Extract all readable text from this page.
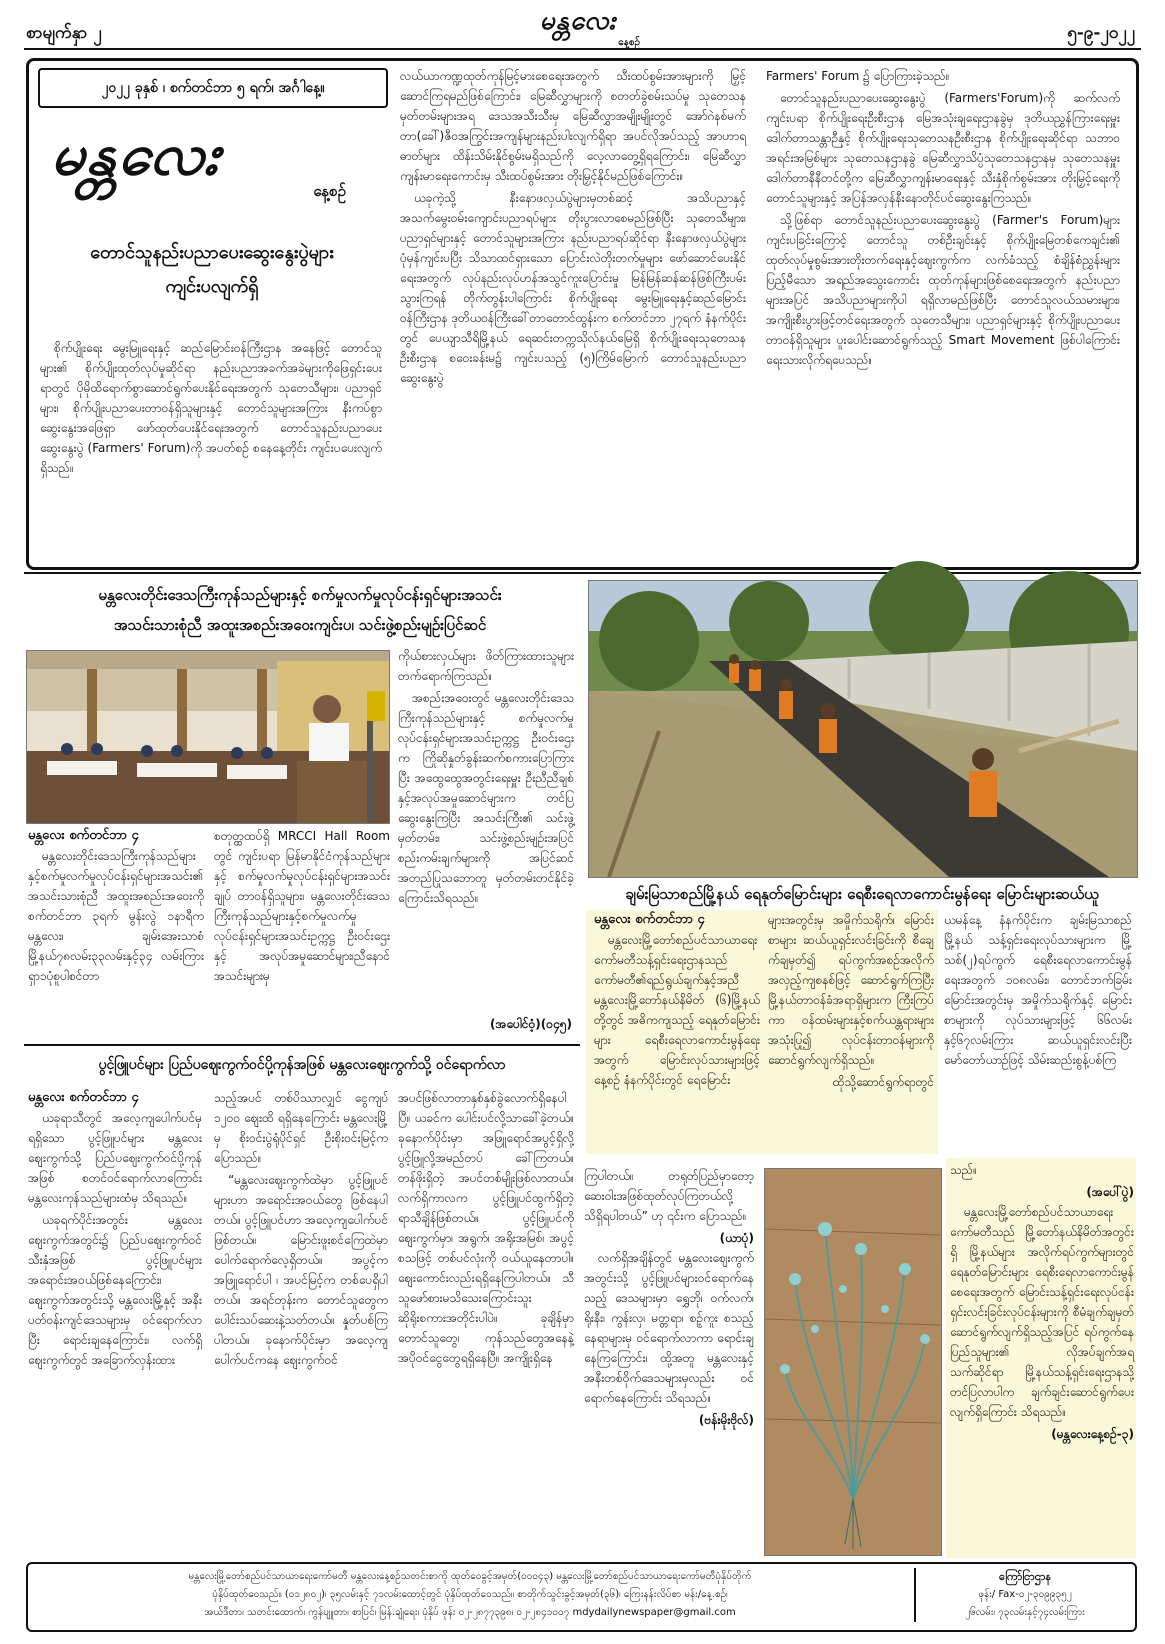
စာမျက်နှာ ၂	မန္တလေး
နေ့စဉ်	၅-၉-၂၀၂၂
၂၀၂၂ ခုနှစ် ၊ စက်တင်ဘာ ၅ ရက်၊ အင်္ဂါနေ့။
မန္တလေး
နေ့စဉ်

တောင်သူနည်းပညာပေးဆွေးနွေးပွဲများ

ကျင်းပလျက်ရှိ

စိုက်ပျိုးရေး မွေးမြူရေးနှင့် ဆည်မြောင်းဝန်ကြီးဌာန အနေဖြင့် တောင်သူများ၏ စိုက်ပျိုးထုတ်လုပ်မှုဆိုင်ရာ နည်းပညာအခက်အခဲများကိုဖြေရှင်းပေးရာတွင် ပိုမိုထိရောက်စွာဆောင်ရွက်ပေးနိုင်ရေးအတွက် သုတေသီများ၊ ပညာရှင်များ၊ စိုက်ပျိုးပညာပေးတာဝန်ရှိသူများနှင့် တောင်သူများအကြား နီးကပ်စွာ ဆွေးနွေးအဖြေရှာ ဖော်ထုတ်ပေးနိုင်ရေးအတွက် တောင်သူနည်းပညာပေးဆွေးနွေးပွဲ (Farmers' Forum)ကို အပတ်စဉ် စနေနေ့တိုင်း ကျင်းပပေးလျက်ရှိသည်။

လယ်ယာကဏ္ဍထုတ်ကုန်မြင့်မားစေရေးအတွက် သီးထပ်စွမ်းအားများကို မြှင့်ဆောင်ကြရမည်ဖြစ်ကြောင်း၊ မြေဆီလွှာများကို စတတ်ခွဲစမ်းသပ်မှု သုတေသနမှတ်တမ်းများအရ ဒေသအသီးသီးမှ မြေဆီလွှာအမျိုးမျိုးတွင် အော်ဂဲနစ်မက်တာ(ခေါ်)ဇီဝအကြွင်းအကျန်များနည်းပါးလျက်ရှိရာ အပင်လိုအပ်သည့် အာဟာရဓာတ်များ ထိန်းသိမ်းနိုင်စွမ်းမရှိသည်ကို လေ့လာတွေ့ရှိရကြောင်း၊ မြေဆီလွှာကျန်းမာရေးကောင်းမှ သီးထပ်စွမ်းအား တိုးမြှင့်နိုင်မည်ဖြစ်ကြောင်း။

ယခုကဲ့သို့ နီးနောဖလှယ်ပွဲများမှတစ်ဆင့် အသိပညာနှင့် အသက်မွေးဝမ်းကျောင်းပညာရပ်များ တိုးပွားလာစေမည်ဖြစ်ပြီး သုတေသီများ၊ ပညာရှင်များနှင့် တောင်သူများအကြား နည်းပညာရပ်ဆိုင်ရာ နီးနောဖလှယ်ပွဲများ ပုံမှန်ကျင်းပပြီး သိသာထင်ရှားသော ပြောင်းလဲတိုးတက်မှုများ ဖော်ဆောင်ပေးနိုင်ရေးအတွက် လုပ်နည်းလုပ်ဟန်အသွင်ကူးပြောင်းမှု မြန်မြန်ဆန်ဆန်ဖြစ်ကြီးပမ်းသွားကြရန် တိုက်တွန်းပါကြောင်း စိုက်ပျိုးရေး မွေးမြူရေးနှင့်ဆည်မြောင်းဝန်ကြီးဌာန ဒုတိယဝန်ကြီးခေါ်တာတောင်ထွန်းက စက်တင်ဘာ ၂၇ရက် နံနက်ပိုင်းတွင် ပေယျာသီရိမြို့နယ် ရေဆင်းတက္ကသိုလ်နယ်မြေရှိ စိုက်ပျိုးရေးသုတေသနဦးစီးဌာန စဝေးခန်းမ၌ ကျင်းပသည့် (၅)ကြိမ်မြောက် တောင်သူနည်းပညာဆွေးနွေးပွဲ

Farmers' Forum ၌ ပြောကြားခဲ့သည်။

တောင်သူနည်းပညာပေးဆွေးနွေးပွဲ (Farmers'Forum)ကို ဆက်လက်ကျင်းပရာ စိုက်ပျိုးရေးဦးစီးဌာန မြေအသုံးချရေးဌာနခွဲမှ ဒုတိယညွှန်ကြားရေးမှူး ဒေါက်တာသန္တာဉီနှင့် စိုက်ပျိုးရေးသုတေသနဦးစီးဌာန စိုက်ပျိုးရေးဆိုင်ရာ သဘာဝအရင်းအမြစ်များ သုတေသနဌာနခွဲ မြေဆီလွှာသိပ္ပံသုတေသနဌာနမှ သုတေသနမှူး ဒေါက်တာနီနီတင်တို့က မြေဆီလွှာကျန်းမာရေးနှင့် သီးနှံစိုက်စွမ်းအား တိုးမြှင့်ရေးကို တောင်သူများနှင့် အပြန်အလှန်နီးနောတိုင်ပင်ဆွေးနွေးကြသည်။

သို့ဖြစ်ရာ တောင်သူနည်းပညာပေးဆွေးနွေးပွဲ (Farmer's Forum)များ ကျင်းပခြင်းကြောင့် တောင်သူ တစ်ဦးချင်းနှင့် စိုက်ပျိုးမြေတစ်ကေချင်း၏ ထုတ်လုပ်မှုစွမ်းအားတိုးတက်ရေးနှင့်ဈေးကွက်က လက်ခံသည့် စံချိန်စံညွှန်းများ ပြည့်မီသော အရည်အသွေးကောင်း ထုတ်ကုန်များဖြစ်စေရေးအတွက် နည်းပညာများအပြင် အသိပညာများကိုပါ ရရှိလာမည်ဖြစ်ပြီး တောင်သူလယ်သမားများ၊ အကျိုးစီးပွားဖြင့်တင်ရေးအတွက် သုတေသီများ၊ ပညာရှင်များနှင့် စိုက်ပျိုးပညာပေးတာဝန်ရှိသူများ ပူးပေါင်းဆောင်ရွက်သည့် Smart Movement ဖြစ်ပါကြောင်း ရေးသားလိုက်ရပေသည်။

မန္တလေးတိုင်းဒေသကြီးကုန်သည်များနှင့် စက်မှုလက်မှုလုပ်ငန်းရှင်များအသင်း

အသင်းသားစုံညီ အထူးအစည်းအဝေးကျင်းပ၊ သင်းဖွဲ့စည်းမျဉ်းပြင်ဆင်

ကိုယ်စားလှယ်များ ဖိတ်ကြားထားသူများ တက်ရောက်ကြသည်။

အစည်းအဝေးတွင် မန္တလေးတိုင်းဒေသကြီးကုန်သည်များနှင့် စက်မှုလက်မှုလုပ်ငန်းရှင်များအသင်းဥက္ကဋ္ဌ ဦးဝင်းဌေးက ကြိုဆိုနှုတ်ခွန်းဆက်စကားပြောကြားပြီး အထွေထွေအတွင်းရေးမှူး ဦးညီညီချစ်နှင့်အလုပ်အမှုဆောင်များက တင်ပြဆွေးနွေးကြပြီး အသင်းကြီး၏ သင်းဖွဲ့မှတ်တမ်း၊ သင်းဖွဲ့စည်းမျဉ်းအပြင်စည်းကမ်းချက်များကို အပြင်ဆင်အတည်ပြုသဘောတူ မှတ်တမ်းတင်နိုင်ခဲ့ကြောင်းသိရသည်။

မန္တလေး စက်တင်ဘာ ၄

မန္တလေးတိုင်းဒေသကြီးကုန်သည်များနှင့်စက်မှုလက်မှုလုပ်ငန်းရှင်များအသင်း၏ အသင်းသားစုံညီ အထူးအစည်းအဝေးကို စက်တင်ဘာ ၃ရက် မွန်းလွဲ ၁နာရီက မန္တလေး၊ ချမ်းအေးသာစံမြို့နယ်၇၈လမ်း၃၃လမ်းနှင့်၃၄ လမ်းကြားရှာ၁ပုံစူပါစင်တာ

စတုတ္ထထပ်ရှိ MRCCI Hall Room တွင် ကျင်းပရာ မြန်မာနိုင်ငံကုန်သည်များနှင့် စက်မှုလက်မှုလုပ်ငန်းရှင်များအသင်းချုပ် တာဝန်ရှိသူများ၊ မန္တလေးတိုင်းဒေသကြီးကုန်သည်များနှင့်စက်မှုလက်မှုလုပ်ငန်းရှင်များအသင်းဥက္ကဋ္ဌ ဦးဝင်းဌေးနှင့် အလုပ်အမှုဆောင်များ၊ညီနောင်အသင်းများမှ

(အပေါင်ဝံ့)(၀၄၅)

ချမ်းမြသာစည်မြို့နယ် ရေနုတ်မြောင်းများ ရေစီးရေလာကောင်းမွန်ရေး မြောင်းများဆယ်ယူ

မန္တလေး စက်တင်ဘာ ၄

မန္တလေးမြို့တော်စည်ပင်သာယာရေးကော်မတီသန့်ရှင်းရေးဌာနသည် ကော်မတီ၏ရည်ရွယ်ချက်နှင့်အညီ မန္တလေးမြို့တော်နယ်နိမိတ် (၆)မြို့နယ်တို့တွင် အဓိကကျသည့် ရေနုတ်မြောင်းများ ရေစီးရေလာကောင်းမွန်ရေးအတွက် မြောင်းလုပ်သားများဖြင့် နေ့စဉ် နံနက်ပိုင်းတွင် ရေမြောင်း

များအတွင်းမှ အမှိုက်သရိုက်၊ မြောင်းစာများ ဆယ်ယူရှင်းလင်းခြင်းကို စီချေက်ချမှတ်၍ ရပ်ကွက်အစဉ်အလိုက် အလှည့်ကျစနစ်ဖြင့် ဆောင်ရွက်ကြပြီး မြို့နယ်တာဝန်ခံအရာရှိများက ကြီးကြပ်ကာ ဝန်ထမ်းများနှင့်စက်ယန္တရားများအသုံးပြု၍ လုပ်ငန်းတာဝန်များကို ဆောင်ရွက်လျက်ရှိသည်။

ထိုသို့ဆောင်ရွက်ရာတွင်

ယမန်နေ့ နံနက်ပိုင်းက ချမ်းမြသာစည်မြို့နယ် သန့်ရှင်းရေးလုပ်သားများက မြို့သစ်(၂)ရပ်ကွက် ရေစီးရေလာကောင်းမွန်ရေးအတွက် ၁၀၈လမ်း၊ တောင်ဘက်ခြမ်းမြောင်းအတွင်းမှ အမှိုက်သရိုက်နှင့် မြောင်းစာများကို လုပ်သားများဖြင့် ၆၆လမ်းနှင့်၆၇လမ်းကြား ဆယ်ယူရှင်းလင်းပြီး မော်တော်ယာဉ်ဖြင့် သိမ်းဆည်းစွန့်ပစ်ကြ

သည်။

(အပေါ်ပွဲ)

မန္တလေးမြို့တော်စည်ပင်သာယာရေးကော်မတီသည် မြို့တော်နယ်နိမိတ်အတွင်းရှိ မြို့နယ်များ အလိုက်ရပ်ကွက်များတွင် ရေနုတ်မြောင်းများ ရေစီးရေလာကောင်းမွန်စေရေးအတွက် မြောင်းသန့်ရှင်းရေးလုပ်ငန်းရှင်းလင်းခြင်းလုပ်ငန်းများကို စီမံချက်ချမှတ်ဆောင်ရွက်လျက်ရှိသည့်အပြင် ရပ်ကွက်နေပြည်သူများ၏ လိုအပ်ချက်အရ သက်ဆိုင်ရာ မြို့နယ်သန့်ရှင်းရေးဌာနသို့ တင်ပြလာပါက ချက်ချင်းဆောင်ရွက်ပေးလျက်ရှိကြောင်း သိရသည်။

(မန္တလေးနေ့စဉ်-၃)

ပွင့်ဖြူပင်များ ပြည်ပဈေးကွက်ဝင်ပို့ကုန်အဖြစ် မန္တလေးဈေးကွက်သို့ ဝင်ရောက်လာ

မန္တလေး စက်တင်ဘာ ၄

ယခုရာသီတွင် အလေ့ကျပေါက်ပင်မှရရှိသော ပွင့်ဖြူပင်များ မန္တလေးဈေးကွက်သို့ ပြည်ပဈေးကွက်ဝင်ပို့ကုန်အဖြစ် စတင်ဝင်ရောက်လာကြောင်း မန္တလေးကုန်သည်များထံမှ သိရသည်။

ယခုရက်ပိုင်းအတွင်း မန္တလေးဈေးကွက်အတွင်း၌ ပြည်ပဈေးကွက်ဝင်သီးနှံအဖြစ် ပွင့်ဖြူပင်များ အရောင်းအဝယ်ဖြစ်နေကြောင်း၊ ဈေးကွက်အတွင်းသို့ မန္တလေးမြို့နှင့် အနီးပတ်ဝန်းကျင်ဒေသများမှ ဝင်ရောက်လာပြီး ရောင်းချနေကြောင်း၊ လက်ရှိဈေးကွက်တွင် အခြောက်လှန်းထား

သည့်အပင် တစ်ပိဿာလျှင် ငွေကျပ် ၁၂၀၀ ဈေးထိ ရရှိနေကြောင်း မန္တလေးမြို့မှ စိုးဝင်းပွဲရုံပိုင်ရှင် ဦးစိုးဝင်းမြင့်က ပြောသည်။

“မန္တလေးဈေးကွက်ထဲမှာ ပွင့်ဖြူပင်များဟာ အရောင်းအဝယ်တွေ ဖြစ်နေပါတယ်။ ပွင့်ဖြူပင်ဟာ အလေ့ကျပေါက်ပင်ဖြစ်တယ်။ မြောင်းဖူးစင်ကြေထဲမှာ ပေါက်ရောက်လေ့ရှိတယ်။ အပွင့်က အဖြူရောင်ပါ ၊ အပင်မြင့်က တစ်ပေရှိပါတယ်။ အရင်တုန်းက တောင်သူတွေက ပေါင်းသပ်ဆေးနဲ့သတ်တယ်။ နှုတ်ပစ်ကြပါတယ်။ ခုနောက်ပိုင်းမှာ အလေ့ကျပေါက်ပင်ကနေ ဈေးကွက်ဝင်

အပင်ဖြစ်လာတာနှစ်နှစ်ခွဲလောက်ရှိနေပါပြီ။ ယခင်က ပေါင်းပင်လို့သာခေါ်ခဲ့တယ်။ ခုနောက်ပိုင်းမှာ အဖြူရောင်အပွင့်ရှိလို့ ပွင့်ဖြူလို့အမည်တပ် ခေါ်ကြတယ်။ တန်ဖိုးရှိတဲ့ အပင်တစ်မျိုးဖြစ်လာတယ်။ လက်ရှိကာလက ပွင့်ဖြူပင်ထွက်ရှိတဲ့ ရာသီချိန်ဖြစ်တယ်။ ပွင့်ဖြူပင်ကို ဈေးကွက်မှာ၊ အရွက်၊ အရိုးအမြစ်၊ အပွင့်စသဖြင့် တစ်ပင်လုံးကို ဝယ်ယူနေတာပါ။ ဈေးကောင်းလည်းရရှိနေကြပါတယ်။ သီသူဖော်စားမသိသေးကြောင်းသူး ဆိုရိုးစကားအတိုင်းပါပဲ။ ခုချိန်မှာ တောင်သူတွေ၊ ကုန်သည်တွေအနေနဲ့ အပိုဝင်ငွေတွေရရှိနေပြီ။ အကျိုးရှိနေ

ကြပါတယ်။ တရုတ်ပြည်မှာတော့ ဆေးဝါးအဖြစ်ထုတ်လုပ်ကြတယ်လို့ သိရှိရပါတယ်” ဟု ၎င်းက ပြောသည်။

(ယာပုံ)

လက်ရှိအချိန်တွင် မန္တလေးဈေးကွက်အတွင်းသို့ ပွင့်ဖြူပင်များဝင်ရောက်နေသည့် ဒေသများမှာ ရွှေဘို၊ ဝက်လက်၊ ရိုးနီး၊ ကွန်းလှ၊ မတ္တရာ၊ စဉ့်ကူး စသည့်နေရာများမှ ဝင်ရောက်လာကာ ရောင်းချနေကြကြောင်း၊ ထို့အတူ မန္တလေးနှင့် အနီးတစ်ဝိုက်ဒေသများမှလည်း ဝင်ရောက်နေကြောင်း သိရသည်။

(ဗန်းမိုးဗိုလ်)
မန္တလေးမြို့တော်စည်ပင်သာယာရေးကော်မတီ မန္တလေးနေ့စဉ်သတင်းစာကို ထုတ်ဝေခွင့်အမှတ်(၀၀၀၄၃) မန္တလေးမြို့တော်စည်ပင်သာယာရေးကော်မတီပုံနှိပ်တိုက်
ပုံနှိပ်ထုတ်ဝေသည်။ (၀၁၂၈၀၂)၊ ၃၅လမ်းနှင့် ၇၁လမ်းထောင့်တွင် ပုံနှိပ်ထုတ်ဝေသည်။ စာတိုက်သွင်းခွင့်အမှတ်(၃၆)၊ ကြေးနန်းလိပ်စာ မန်း/နေ့.စဉ်၊
အယ်ဒီတာ၊ သတင်းထောက်၊ ကွန်ပျူတာ၊ စာပြင်၊ မြန်.ချုံရေး၊ ပုံနှိပ် ဖုန်း ၀၂-၂၈၇၇၃၉၈၊ ၀၂-၂၈၄၁၀၀၇ mdydailynewspaper@gmail.com
ကြော်ငြာဌာန
ဖုန်း/ Fax-၀၂-၃၀၉၉၃၅၂
၂၆လမ်း၊ ၇၃လမ်းနှင့်၇၄လမ်းကြား
